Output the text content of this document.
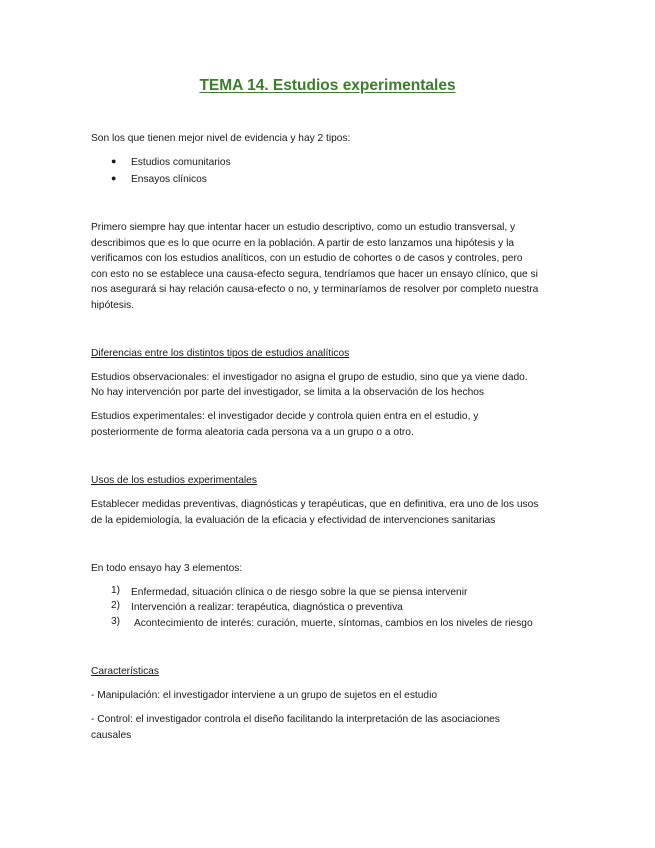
TEMA 14. Estudios experimentales
Son los que tienen mejor nivel de evidencia y hay 2 tipos:
● Estudios comunitarios
● Ensayos clínicos
Primero siempre hay que intentar hacer un estudio descriptivo, como un estudio transversal, y
describimos que es lo que ocurre en la población. A partir de esto lanzamos una hipótesis y la
verificamos con los estudios analíticos, con un estudio de cohortes o de casos y controles, pero
con esto no se establece una causa-efecto segura, tendríamos que hacer un ensayo clínico, que si
nos asegurará si hay relación causa-efecto o no, y terminaríamos de resolver por completo nuestra
hipótesis.
Diferencias entre los distintos tipos de estudios analíticos
Estudios observacionales: el investigador no asigna el grupo de estudio, sino que ya viene dado.
No hay intervención por parte del investigador, se limita a la observación de los hechos
Estudios experimentales: el investigador decide y controla quien entra en el estudio, y
posteriormente de forma aleatoria cada persona va a un grupo o a otro.
Usos de los estudios experimentales
Establecer medidas preventivas, diagnósticas y terapéuticas, que en definitiva, era uno de los usos
de la epidemiología, la evaluación de la eficacia y efectividad de intervenciones sanitarias
En todo ensayo hay 3 elementos:
1) Enfermedad, situación clínica o de riesgo sobre la que se piensa intervenir
2) Intervención a realizar: terapéutica, diagnóstica o preventiva
3) Acontecimiento de interés: curación, muerte, síntomas, cambios en los niveles de riesgo
Características
- Manipulación: el investigador interviene a un grupo de sujetos en el estudio
- Control: el investigador controla el diseño facilitando la interpretación de las asociaciones
causales
